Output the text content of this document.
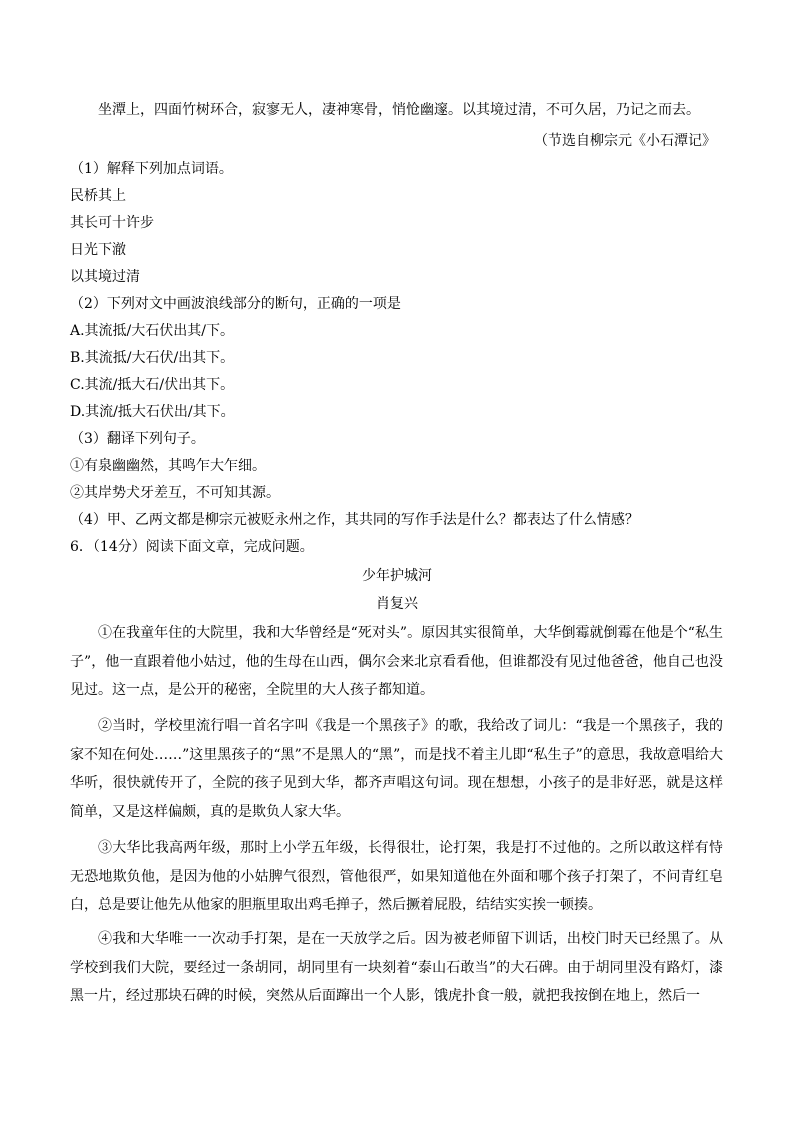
坐潭上，四面竹树环合，寂寥无人，凄神寒骨，悄怆幽邃。以其境过清，不可久居，乃记之而去。
（节选自柳宗元《小石潭记》
（1）解释下列加点词语。
民桥其上
其长可十许步
日光下澈
以其境过清
（2）下列对文中画波浪线部分的断句，正确的一项是
A.其流抵/大石伏出其/下。
B.其流抵/大石伏/出其下。
C.其流/抵大石/伏出其下。
D.其流/抵大石伏出/其下。
（3）翻译下列句子。
①有泉幽幽然，其鸣乍大乍细。
②其岸势犬牙差互，不可知其源。
（4）甲、乙两文都是柳宗元被贬永州之作，其共同的写作手法是什么？都表达了什么情感？
6．（14分）阅读下面文章，完成问题。
少年护城河
肖复兴
①在我童年住的大院里，我和大华曾经是“死对头”。原因其实很简单，大华倒霉就倒霉在他是个“私生子”，他一直跟着他小姑过，他的生母在山西，偶尔会来北京看看他，但谁都没有见过他爸爸，他自己也没见过。这一点，是公开的秘密，全院里的大人孩子都知道。
②当时，学校里流行唱一首名字叫《我是一个黑孩子》的歌，我给改了词儿：“我是一个黑孩子，我的家不知在何处……”这里黑孩子的“黑”不是黑人的“黑”，而是找不着主儿即“私生子”的意思，我故意唱给大华听，很快就传开了，全院的孩子见到大华，都齐声唱这句词。现在想想，小孩子的是非好恶，就是这样简单，又是这样偏颇，真的是欺负人家大华。
③大华比我高两年级，那时上小学五年级，长得很壮，论打架，我是打不过他的。之所以敢这样有恃无恐地欺负他，是因为他的小姑脾气很烈，管他很严，如果知道他在外面和哪个孩子打架了，不问青红皂白，总是要让他先从他家的胆瓶里取出鸡毛掸子，然后撅着屁股，结结实实挨一顿揍。
④我和大华唯一一次动手打架，是在一天放学之后。因为被老师留下训话，出校门时天已经黑了。从学校到我们大院，要经过一条胡同，胡同里有一块刻着“泰山石敢当”的大石碑。由于胡同里没有路灯，漆黑一片，经过那块石碑的时候，突然从后面蹿出一个人影，饿虎扑食一般，就把我按倒在地上，然后一
